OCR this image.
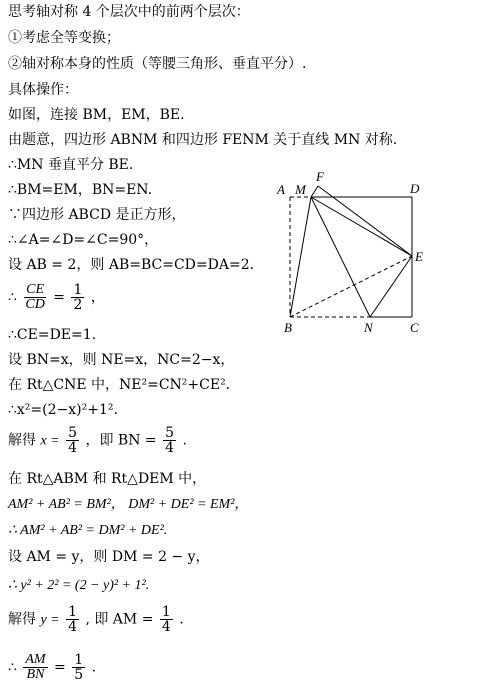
思考轴对称 4 个层次中的前两个层次：
①考虑全等变换；
②轴对称本身的性质（等腰三角形、垂直平分）.
具体操作：
如图，连接 BM，EM，BE.
由题意，四边形 ABNM 和四边形 FENM 关于直线 MN 对称.
∴MN 垂直平分 BE.
∴BM=EM，BN=EN.
∵四边形 ABCD 是正方形，
∴∠A=∠D=∠C=90°，
设 AB = 2，则 AB=BC=CD=DA=2.
∴ $\frac{CE}{CD} = \frac{1}{2}$ ，
∴CE=DE=1.
设 BN=x，则 NE=x，NC=2−x，
在 Rt△CNE 中，NE²=CN²+CE².
∴x²=(2−x)²+1².
解得 $x = \frac{5}{4}$ ，即 BN = $\frac{5}{4}$ .
在 Rt△ABM 和 Rt△DEM 中，
AM² + AB² = BM²， DM² + DE² = EM²，
∴ AM² + AB² = DM² + DE².
设 AM = y，则 DM = 2 − y，
∴ y² + 2² = (2 − y)² + 1².
解得 $y = \frac{1}{4}$ , 即 AM = $\frac{1}{4}$ .
∴ $\frac{AM}{BN} = \frac{1}{5}$ .
A M
F
D
E
B	N	C
